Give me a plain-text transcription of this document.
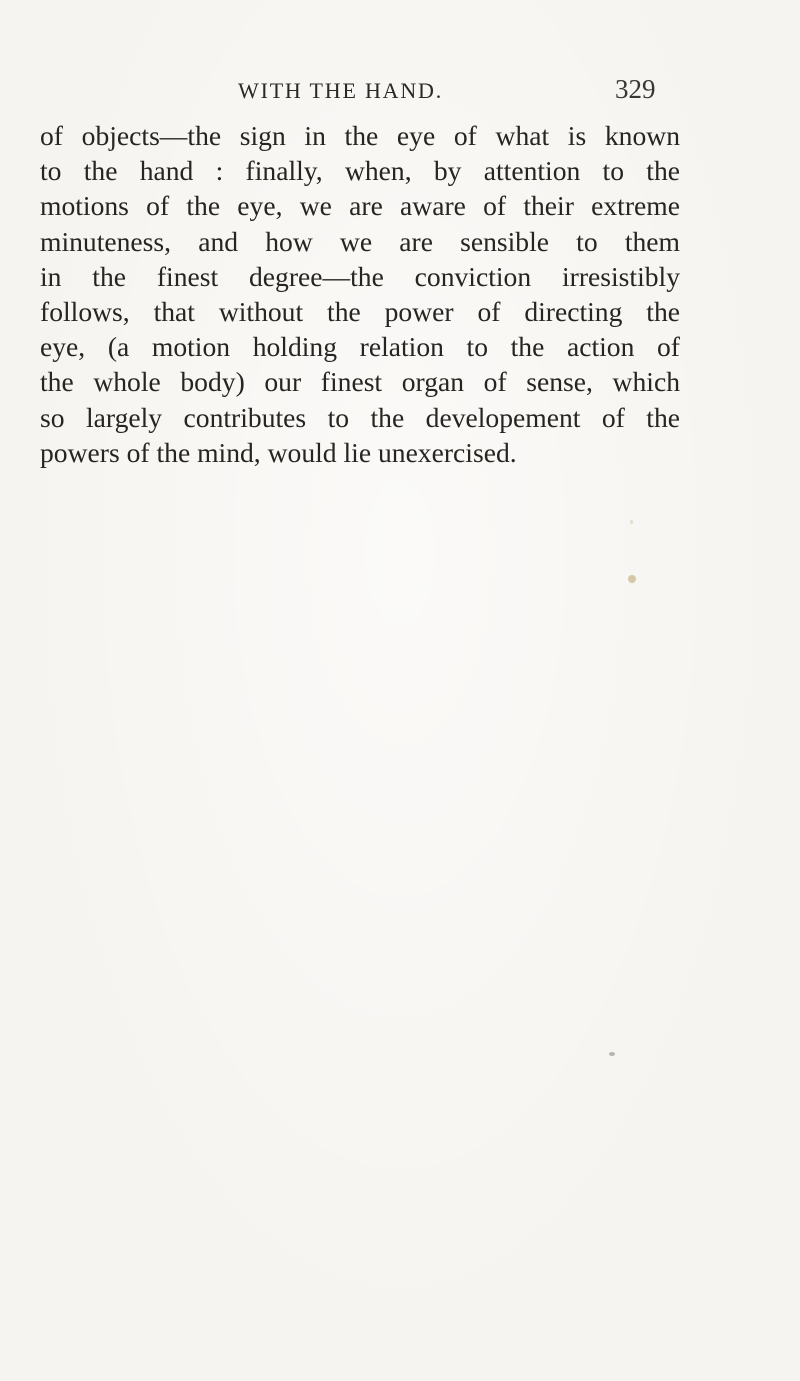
WITH THE HAND.	329
of objects—the sign in the eye of what is known
to the hand : finally, when, by attention to the
motions of the eye, we are aware of their extreme
minuteness, and how we are sensible to them
in the finest degree—the conviction irresistibly
follows, that without the power of directing the
eye, (a motion holding relation to the action of
the whole body) our finest organ of sense, which
so largely contributes to the developement of the
powers of the mind, would lie unexercised.
